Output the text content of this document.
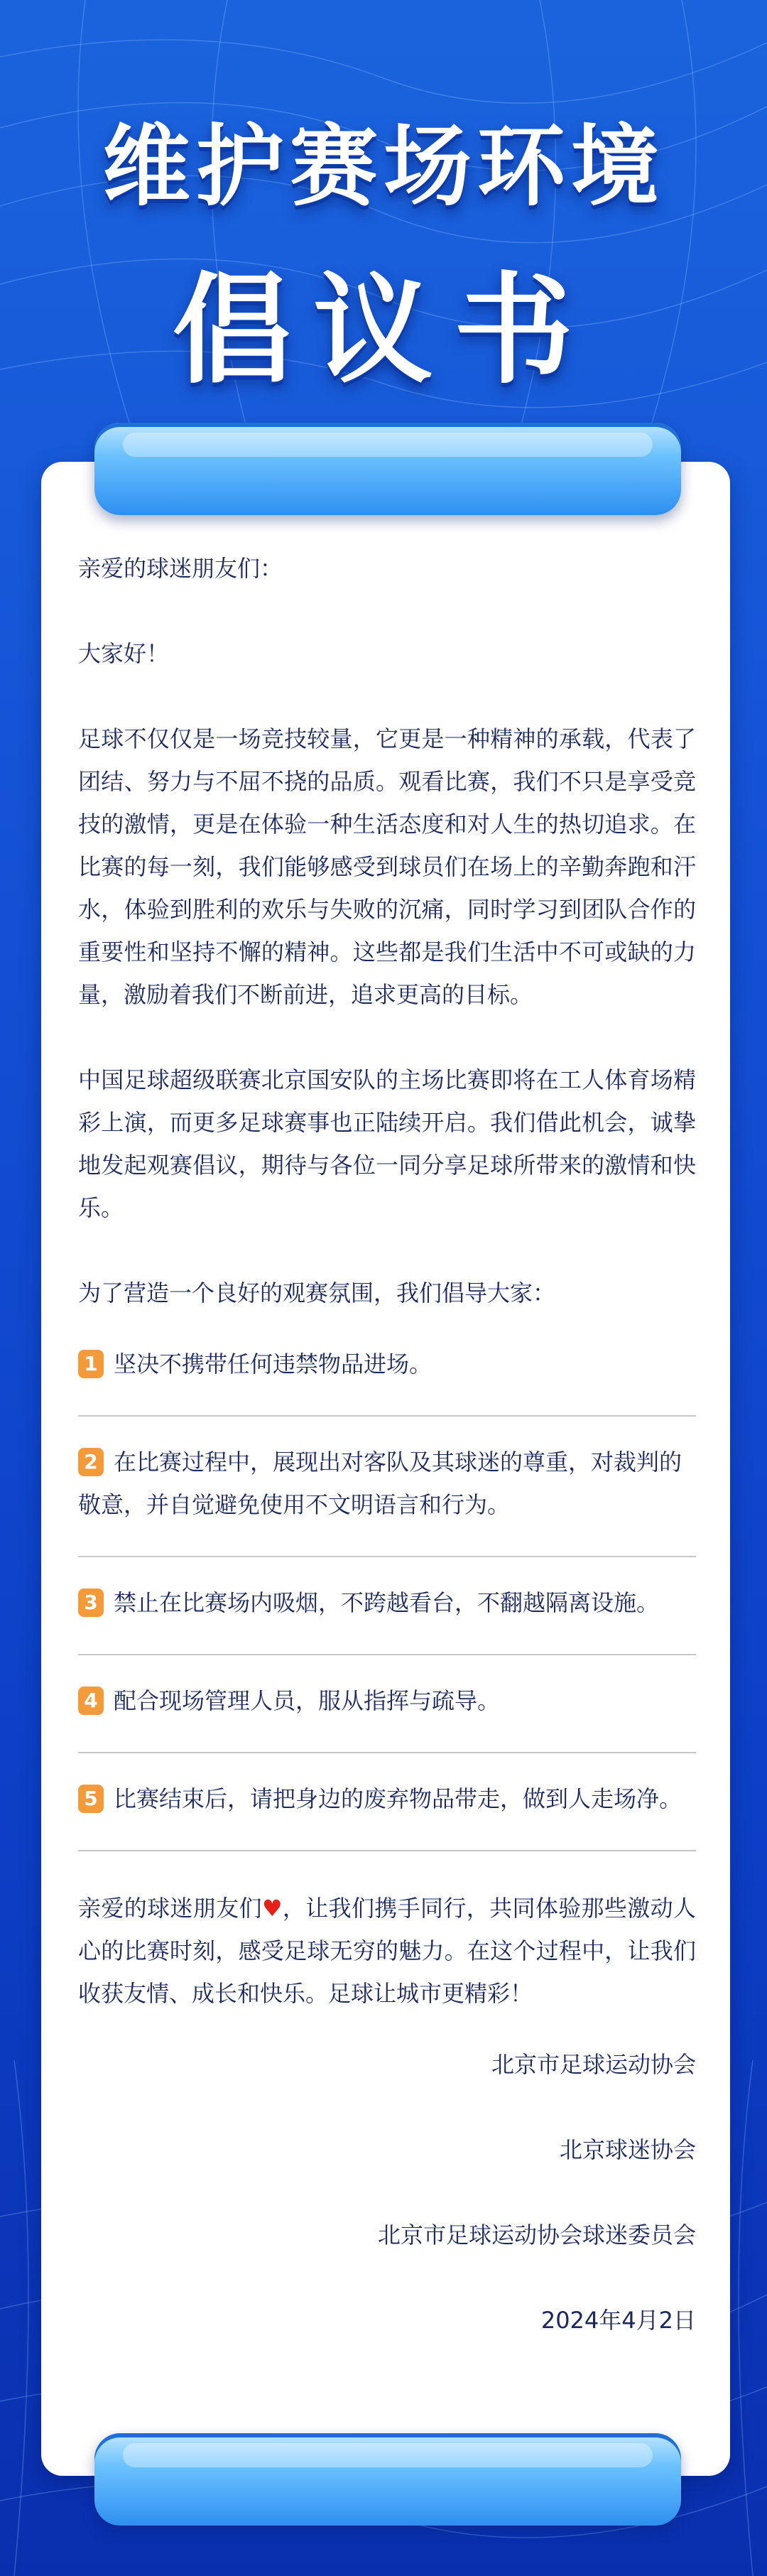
维护赛场环境
倡议书
亲爱的球迷朋友们：
大家好！
足球不仅仅是一场竞技较量，它更是一种精神的承载，代表了团结、努力与不屈不挠的品质。观看比赛，我们不只是享受竞技的激情，更是在体验一种生活态度和对人生的热切追求。在比赛的每一刻，我们能够感受到球员们在场上的辛勤奔跑和汗水，体验到胜利的欢乐与失败的沉痛，同时学习到团队合作的重要性和坚持不懈的精神。这些都是我们生活中不可或缺的力量，激励着我们不断前进，追求更高的目标。
中国足球超级联赛北京国安队的主场比赛即将在工人体育场精彩上演，而更多足球赛事也正陆续开启。我们借此机会，诚挚地发起观赛倡议，期待与各位一同分享足球所带来的激情和快乐。
为了营造一个良好的观赛氛围，我们倡导大家：
1 坚决不携带任何违禁物品进场。
2 在比赛过程中，展现出对客队及其球迷的尊重，对裁判的敬意，并自觉避免使用不文明语言和行为。
3 禁止在比赛场内吸烟，不跨越看台，不翻越隔离设施。
4 配合现场管理人员，服从指挥与疏导。
5 比赛结束后，请把身边的废弃物品带走，做到人走场净。
亲爱的球迷朋友们♥，让我们携手同行，共同体验那些激动人心的比赛时刻，感受足球无穷的魅力。在这个过程中，让我们收获友情、成长和快乐。足球让城市更精彩！
北京市足球运动协会
北京球迷协会
北京市足球运动协会球迷委员会
2024年4月2日
